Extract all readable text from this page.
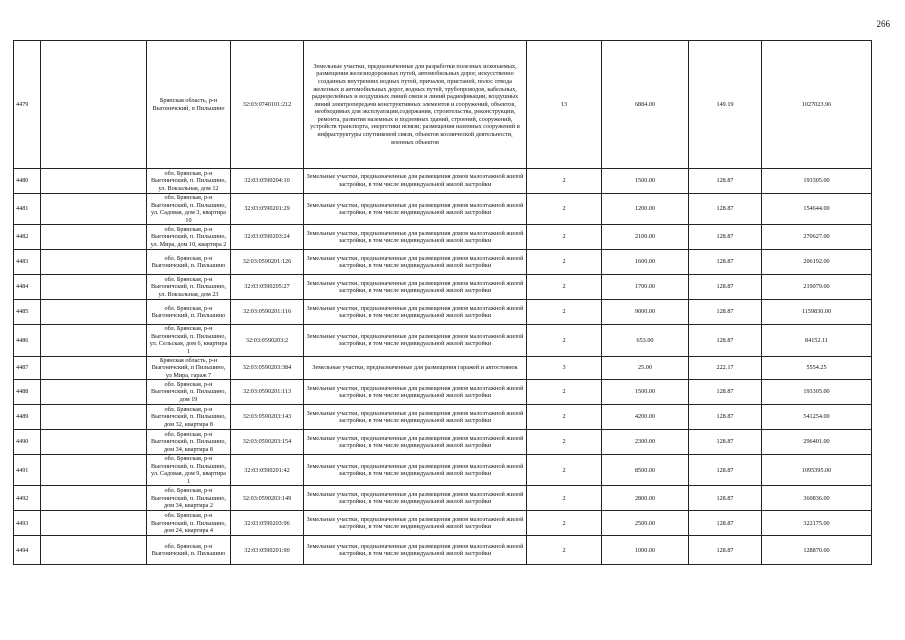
266
4479		Брянская область, р-н Выгоничский, п Пильшино	32:03:0740101:212	Земельные участки, предназначенные для разработки полезных ископаемых, размещения железнодорожных путей, автомобильных дорог, искусственно созданных внутренних водных путей, причалов, пристаней, полос отвода железных и автомобильных дорог, водных путей, трубопроводов, кабельных, радиорелейных и воздушных линий связи и линий радиофикации, воздушных линий электропередачи конструктивных элементов и сооружений, объектов, необходимых для эксплуатации,содержания, строительства, реконструкции, ремонта, развития наземных и подземных зданий, строений, сооружений, устройств транспорта, энергетики исвязи; размещения наземных сооружений и инфраструктуры спутниковой связи, объектов космической деятельности, военных объектов	13	6884.00	149.19	1027023.96
4480		обл. Брянская, р-н Выгоничский, п. Пильшино, ул. Вокзальная, дом 12	32:03:0590204:10	Земельные участки, предназначенные для размещения домов малоэтажной жилой застройки, в том числе индивидуальной жилой застройки	2	1500.00	128.87	193305.00
4481		обл. Брянская, р-н Выгоничский, п. Пильшино, ул. Садовая, дом 3, квартира 10	32:03:0590201:29	Земельные участки, предназначенные для размещения домов малоэтажной жилой застройки, в том числе индивидуальной жилой застройки	2	1200.00	128.87	154644.00
4482		обл. Брянская, р-н Выгоничский, п. Пильшино, ул. Мира, дом 10, квартира 2	32:03:0590203:24	Земельные участки, предназначенные для размещения домов малоэтажной жилой застройки, в том числе индивидуальной жилой застройки	2	2100.00	128.87	270627.00
4483		обл. Брянская, р-н Выгоничский, п. Пильшино	32:03:0590201:126	Земельные участки, предназначенные для размещения домов малоэтажной жилой застройки, в том числе индивидуальной жилой застройки	2	1600.00	128.87	206192.00
4484		обл. Брянская, р-н Выгоничский, п. Пильшино, ул. Вокзальная, дом 23	32:03:0590205:27	Земельные участки, предназначенные для размещения домов малоэтажной жилой застройки, в том числе индивидуальной жилой застройки	2	1700.00	128.87	219079.00
4485		обл. Брянская, р-н Выгоничский, п. Пильшино	32:03:0590201:116	Земельные участки, предназначенные для размещения домов малоэтажной жилой застройки, в том числе индивидуальной жилой застройки	2	9000.00	128.87	1159830.00
4486		обл. Брянская, р-н Выгоничский, п. Пильшино, ул. Сельская, дом 6, квартира 1	32:03:0590203:2	Земельные участки, предназначенные для размещения домов малоэтажной жилой застройки, в том числе индивидуальной жилой застройки	2	653.00	128.87	84152.11
4487		Брянская область, р-н Выгоничский, п Пильшино, ул Мира, гараж 7	32:03:0590203:384	Земельные участки, предназначенные для размещения гаражей и автостоянок	3	25.00	222.17	5554.25
4488		обл. Брянская, р-н Выгоничский, п. Пильшино, дом 19	32:03:0590201:113	Земельные участки, предназначенные для размещения домов малоэтажной жилой застройки, в том числе индивидуальной жилой застройки	2	1500.00	128.87	193305.00
4489		обл. Брянская, р-н Выгоничский, п. Пильшино, дом 32, квартира 8	32:03:0590203:143	Земельные участки, предназначенные для размещения домов малоэтажной жилой застройки, в том числе индивидуальной жилой застройки	2	4200.00	128.87	541254.00
4490		обл. Брянская, р-н Выгоничский, п. Пильшино, дом 34, квартира 8	32:03:0590203:154	Земельные участки, предназначенные для размещения домов малоэтажной жилой застройки, в том числе индивидуальной жилой застройки	2	2300.00	128.87	296401.00
4491		обл. Брянская, р-н Выгоничский, п. Пильшино, ул. Садовая, дом 9, квартира 1	32:03:0590201:42	Земельные участки, предназначенные для размещения домов малоэтажной жилой застройки, в том числе индивидуальной жилой застройки	2	8500.00	128.87	1095395.00
4492		обл. Брянская, р-н Выгоничский, п. Пильшино, дом 34, квартира 2	32:03:0590203:149	Земельные участки, предназначенные для размещения домов малоэтажной жилой застройки, в том числе индивидуальной жилой застройки	2	2800.00	128.87	360836.00
4493		обл. Брянская, р-н Выгоничский, п. Пильшино, дом 24, квартира 4	32:03:0590203:96	Земельные участки, предназначенные для размещения домов малоэтажной жилой застройки, в том числе индивидуальной жилой застройки	2	2500.00	128.87	322175.00
4494		обл. Брянская, р-н Выгоничский, п. Пильшино	32:03:0590201:90	Земельные участки, предназначенные для размещения домов малоэтажной жилой застройки, в том числе индивидуальной жилой застройки	2	1000.00	128.87	128870.00
